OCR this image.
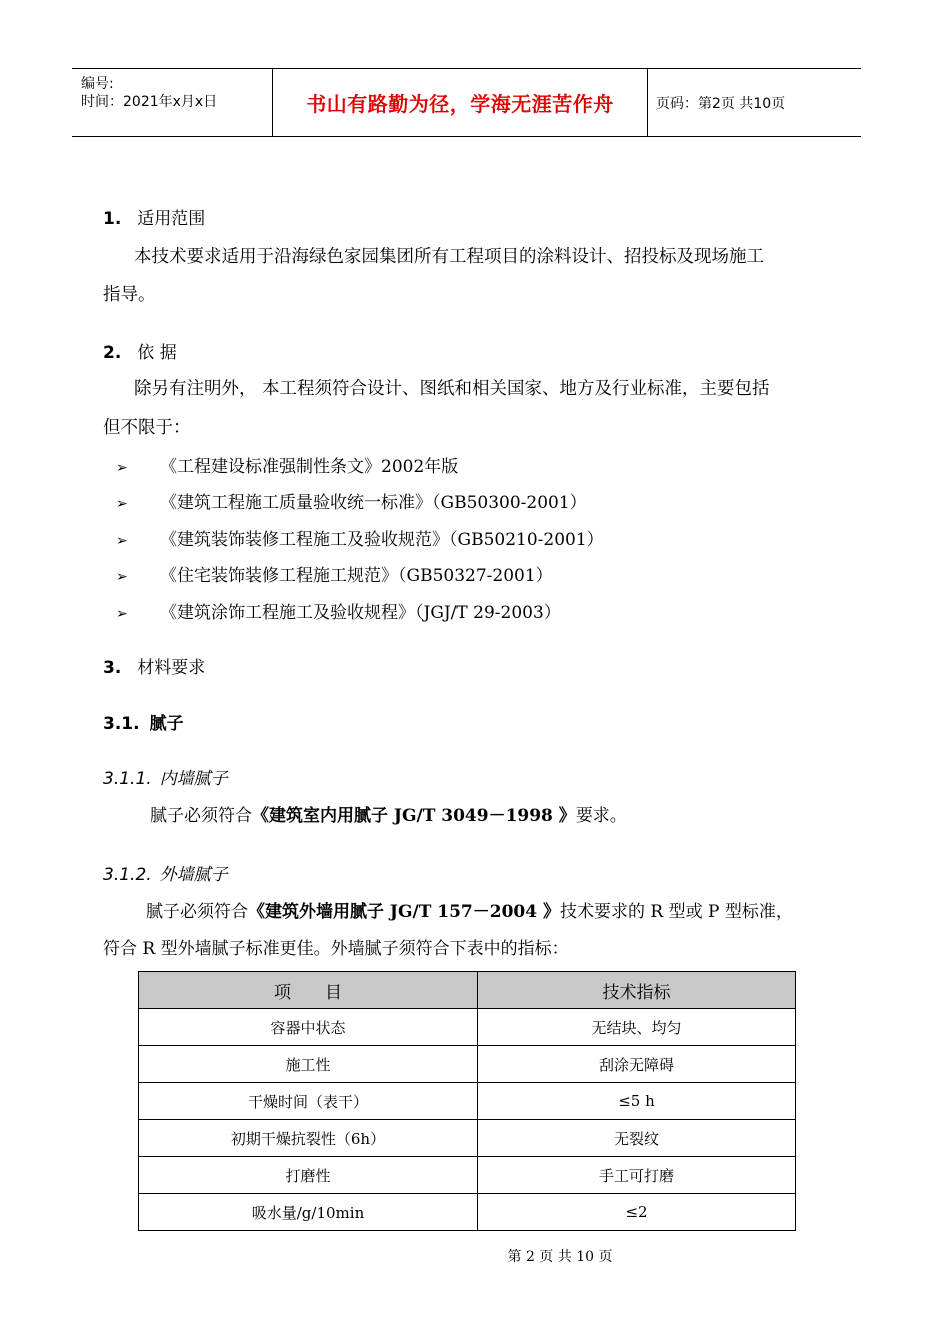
编号:
时间：2021年x月x日	书山有路勤为径，学海无涯苦作舟	页码：第2页 共10页
1. 适用范围
本技术要求适用于沿海绿色家园集团所有工程项目的涂料设计、招投标及现场施工
指导。
2. 依 据
除另有注明外， 本工程须符合设计、图纸和相关国家、地方及行业标准，主要包括
但不限于：
➢ 《工程建设标准强制性条文》2002年版
➢ 《建筑工程施工质量验收统一标准》（GB50300-2001）
➢ 《建筑装饰装修工程施工及验收规范》（GB50210-2001）
➢ 《住宅装饰装修工程施工规范》（GB50327-2001）
➢ 《建筑涂饰工程施工及验收规程》（JGJ/T 29-2003）
3. 材料要求
3.1. 腻子
3.1.1. 内墙腻子
腻子必须符合《建筑室内用腻子 JG/T 3049－1998 》要求。
3.1.2. 外墙腻子
腻子必须符合《建筑外墙用腻子 JG/T 157－2004 》技术要求的 R 型或 P 型标准，
符合 R 型外墙腻子标准更佳。外墙腻子须符合下表中的指标：
项　　目	技术指标
容器中状态	无结块、均匀
施工性	刮涂无障碍
干燥时间（表干）	≤5 h
初期干燥抗裂性（6h）	无裂纹
打磨性	手工可打磨
吸水量/g/10min	≤2
第 2 页 共 10 页
